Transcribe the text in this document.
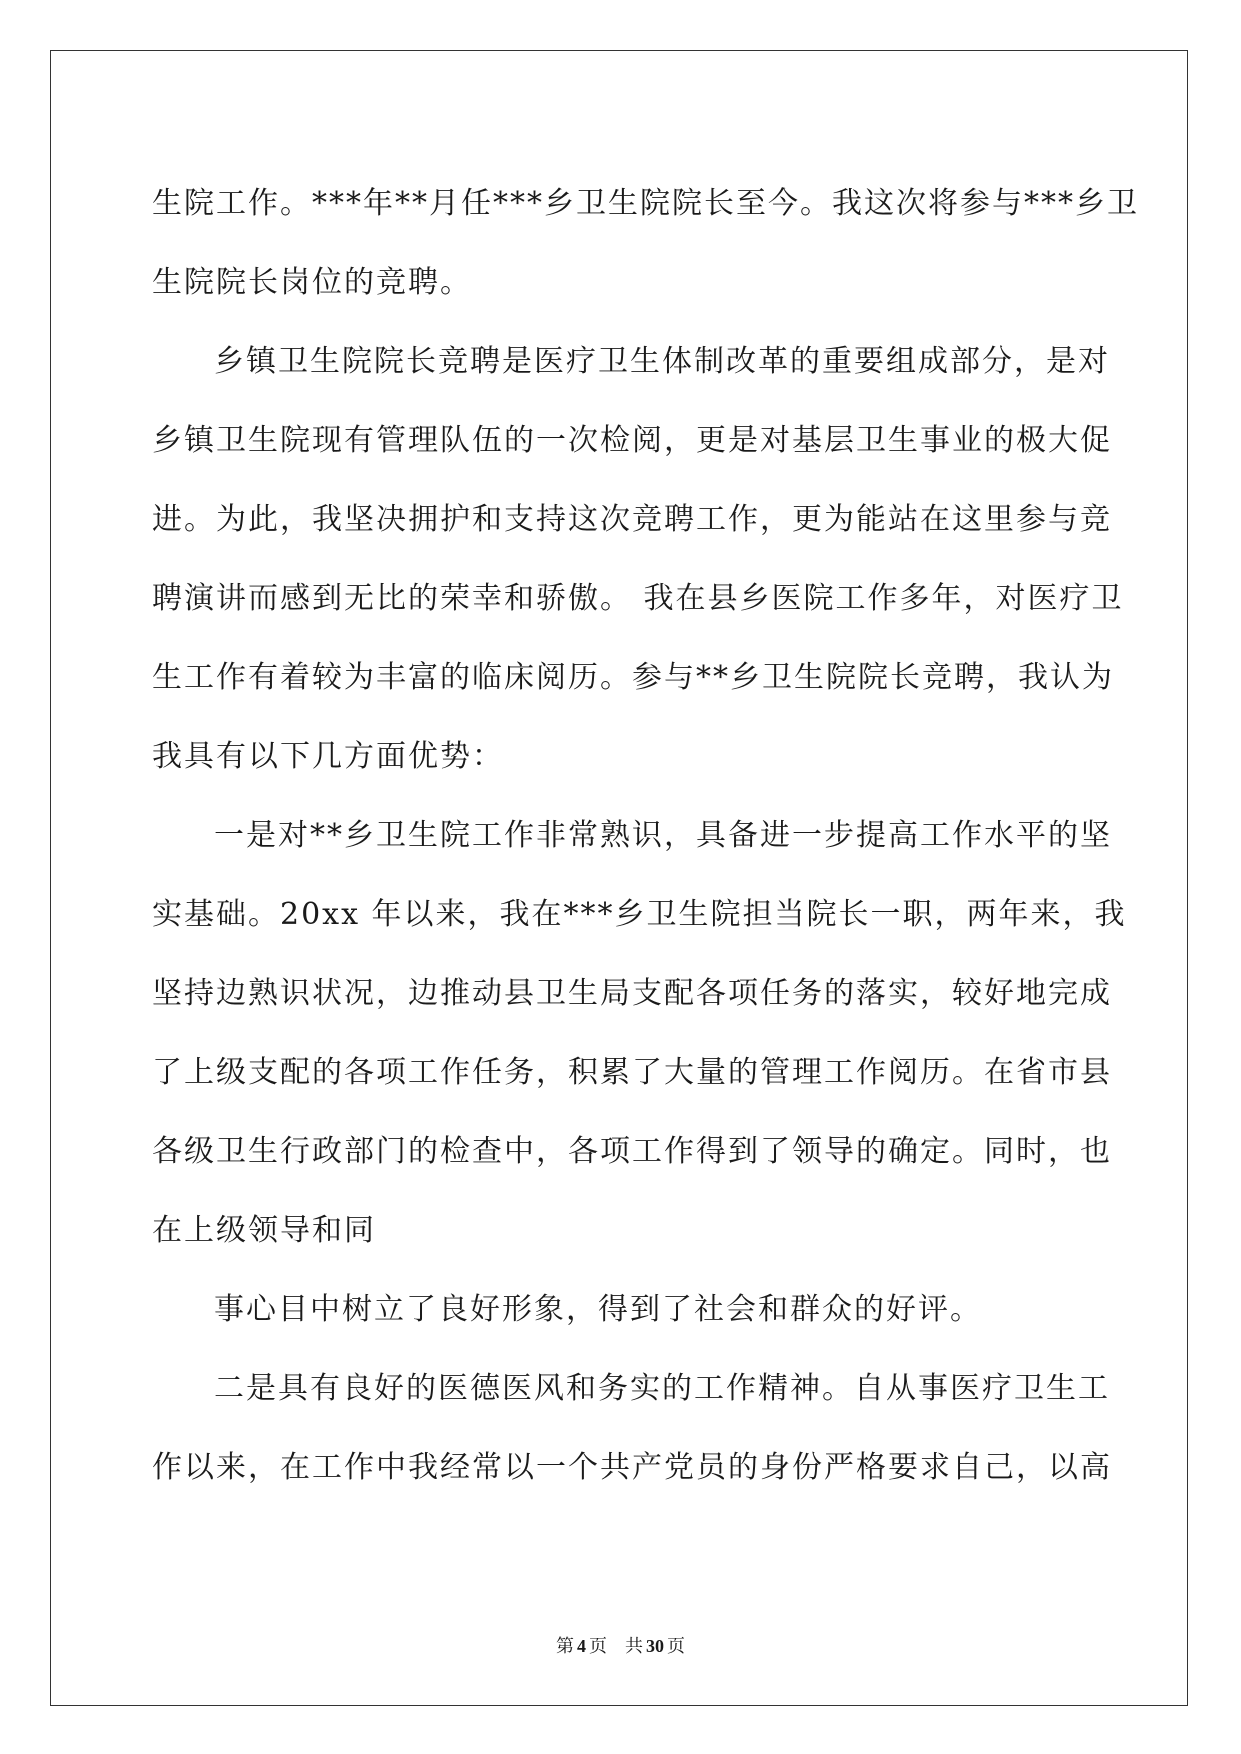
生院工作。***年**月任***乡卫生院院长至今。我这次将参与***乡卫
生院院长岗位的竞聘。
乡镇卫生院院长竞聘是医疗卫生体制改革的重要组成部分，是对
乡镇卫生院现有管理队伍的一次检阅，更是对基层卫生事业的极大促
进。为此，我坚决拥护和支持这次竞聘工作，更为能站在这里参与竞
聘演讲而感到无比的荣幸和骄傲。 我在县乡医院工作多年，对医疗卫
生工作有着较为丰富的临床阅历。参与**乡卫生院院长竞聘，我认为
我具有以下几方面优势：
一是对**乡卫生院工作非常熟识，具备进一步提高工作水平的坚
实基础。20xx 年以来，我在***乡卫生院担当院长一职，两年来，我
坚持边熟识状况，边推动县卫生局支配各项任务的落实，较好地完成
了上级支配的各项工作任务，积累了大量的管理工作阅历。在省市县
各级卫生行政部门的检查中，各项工作得到了领导的确定。同时，也
在上级领导和同
事心目中树立了良好形象，得到了社会和群众的好评。
二是具有良好的医德医风和务实的工作精神。自从事医疗卫生工
作以来，在工作中我经常以一个共产党员的身份严格要求自己，以高
第 4 页 共 30 页
